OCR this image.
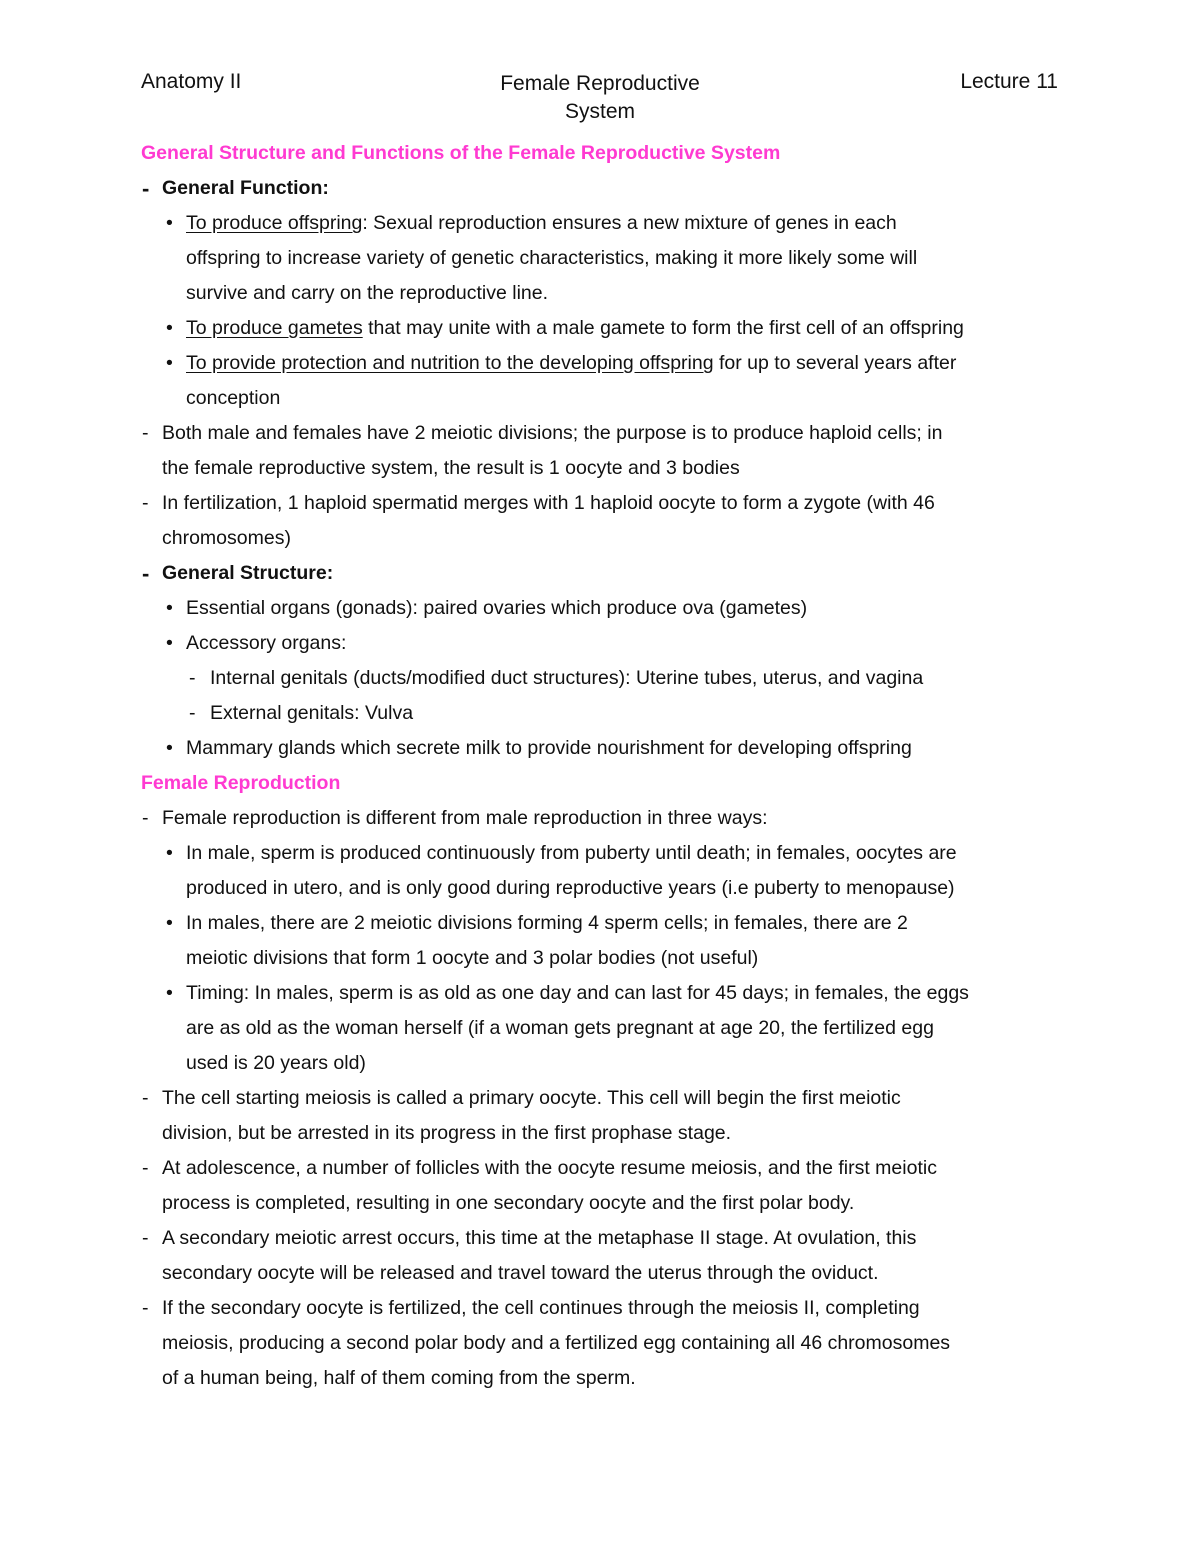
Anatomy II	Female Reproductive
System
Lecture 11
General Structure and Functions of the Female Reproductive System
- General Function:
• To produce offspring: Sexual reproduction ensures a new mixture of genes in each
offspring to increase variety of genetic characteristics, making it more likely some will
survive and carry on the reproductive line.
• To produce gametes that may unite with a male gamete to form the first cell of an offspring
• To provide protection and nutrition to the developing offspring for up to several years after
conception
- Both male and females have 2 meiotic divisions; the purpose is to produce haploid cells; in
the female reproductive system, the result is 1 oocyte and 3 bodies
- In fertilization, 1 haploid spermatid merges with 1 haploid oocyte to form a zygote (with 46
chromosomes)
- General Structure:
• Essential organs (gonads): paired ovaries which produce ova (gametes)
• Accessory organs:
- Internal genitals (ducts/modified duct structures): Uterine tubes, uterus, and vagina
- External genitals: Vulva
• Mammary glands which secrete milk to provide nourishment for developing offspring
Female Reproduction
- Female reproduction is different from male reproduction in three ways:
• In male, sperm is produced continuously from puberty until death; in females, oocytes are
produced in utero, and is only good during reproductive years (i.e puberty to menopause)
• In males, there are 2 meiotic divisions forming 4 sperm cells; in females, there are 2
meiotic divisions that form 1 oocyte and 3 polar bodies (not useful)
• Timing: In males, sperm is as old as one day and can last for 45 days; in females, the eggs
are as old as the woman herself (if a woman gets pregnant at age 20, the fertilized egg
used is 20 years old)
- The cell starting meiosis is called a primary oocyte. This cell will begin the first meiotic
division, but be arrested in its progress in the first prophase stage.
- At adolescence, a number of follicles with the oocyte resume meiosis, and the first meiotic
process is completed, resulting in one secondary oocyte and the first polar body.
- A secondary meiotic arrest occurs, this time at the metaphase II stage. At ovulation, this
secondary oocyte will be released and travel toward the uterus through the oviduct.
- If the secondary oocyte is fertilized, the cell continues through the meiosis II, completing
meiosis, producing a second polar body and a fertilized egg containing all 46 chromosomes
of a human being, half of them coming from the sperm.
